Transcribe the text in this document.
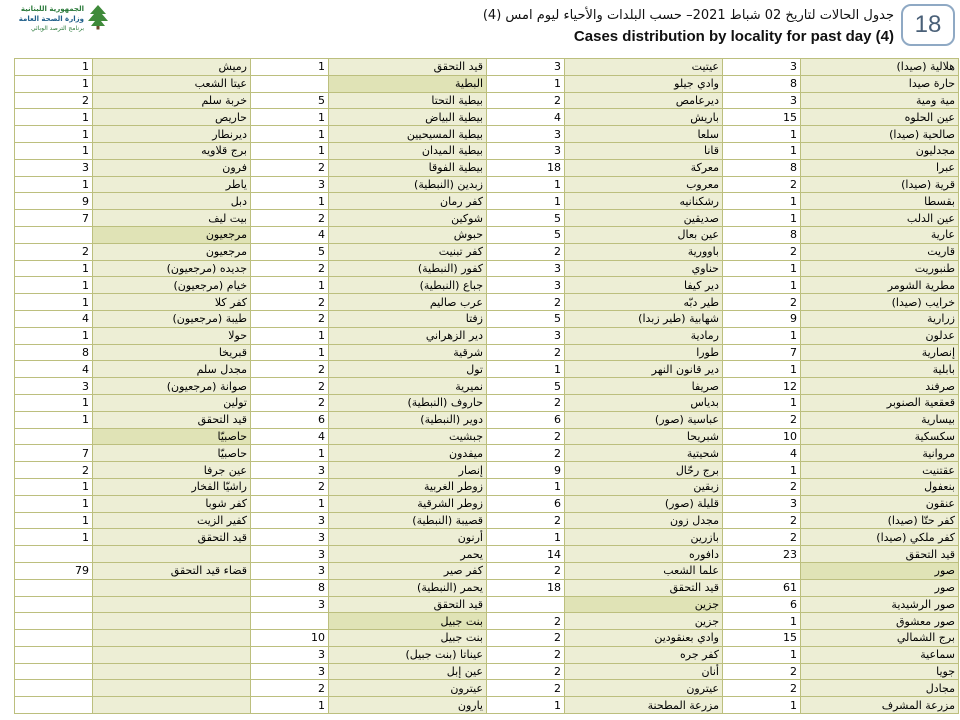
الجمهورية اللبنانية
وزارة الصحة العامة
برنامج الترصد الوبائي
جدول الحالات لتاريخ 02 شباط 2021– حسب البلدات والأحياء ليوم امس (4)
Cases distribution by locality for past day (4) 18
1	رميش	1	قيد التحقق	3	عيتيت	3	هلالية (صيدا)
1	عيتا الشعب		البطية	1	وادي جيلو	8	حارة صيدا
2	خربة سلم	5	بيطية التحتا	2	ديرعامص	3	مية ومية
1	حاريص	1	بيطية البياض	4	باريش	15	عين الحلوه
1	ديرنطار	1	بيطية المسيحيين	3	سلعا	1	صالحية (صيدا)
1	برج قلاويه	1	بيطية الميدان	3	قانا	1	مجدليون
3	فرون	2	بيطية الفوقا	18	معركة	8	عبرا
1	ياطر	3	زبدين (النبطية)	1	معروب	2	قرية (صيدا)
9	دبل	1	كفر رمان	1	رشكنانيه	1	بقسطا
7	بيت ليف	2	شوكين	5	صديقين	1	عين الدلب
	مرجعيون	4	حبوش	5	عين بعال	8	عارية
2	مرجعيون	5	كفر تبنيت	2	باوورية	2	قاريت
1	جديده (مرجعيون)	2	كفور (النبطية)	3	حناوي	1	طنبوريت
1	خيام (مرجعيون)	1	جباع (النبطية)	3	دير كيفا	1	مطرية الشومر
1	كفر كلا	2	عرب صاليم	2	طير دبّه	2	خرايب (صيدا)
4	طيبة (مرجعيون)	2	زفتا	5	شهابية (طير زبدا)	9	زرارية
1	حولا	1	دير الزهراني	3	رمادية	1	عدلون
8	قبريخا	1	شرقية	2	طورا	7	إنصارية
4	مجدل سلم	2	تول	1	دير قانون النهر	1	بابلية
3	صوانة (مرجعيون)	2	نميرية	5	صريفا	12	صرفند
1	تولين	2	حاروف (النبطية)	2	بدياس	1	قعقعية الصنوبر
1	قيد التحقق	6	دوير (النبطية)	6	عباسية (صور)	2	بيسارية
	حاصبيّا	4	جبشيت	2	شبريحا	10	سكسكية
7	حاصبيّا	1	ميفدون	2	شحيتية	4	مروانية
2	عين جرفا	3	إنصار	9	برج رحّال	1	عقتنيت
1	راشيّا الفخار	2	زوطر الغربية	1	زبقين	2	بنعفول
1	كفر شوبا	1	زوطر الشرقية	6	قليلة (صور)	3	عنقون
1	كفير الزيت	3	قصيبة (النبطية)	2	مجدل زون	2	كفر حتّا (صيدا)
1	قيد التحقق	3	أرنون	1	بازرين	2	كفر ملكي (صيدا)
		3	يحمر	14	دافوره	23	قيد التحقق
79	قضاء قيد التحقق	3	كفر صير	2	علما الشعب		صور
		8	يحمر (النبطية)	18	قيد التحقق	61	صور
		3	قيد التحقق		جزين	6	صور الرشيدية
			بنت جبيل	2	جزين	1	صور معشوق
		10	بنت جبيل	2	وادي بعنقودين	15	برج الشمالي
		3	عيناتا (بنت جبيل)	2	كفر جره	1	سماعية
		3	عين إبل	2	أنان	2	جويا
		2	عيترون	2	عيترون	2	مجادل
		1	يارون	1	مزرعة المطحنة	1	مزرعة المشرف
